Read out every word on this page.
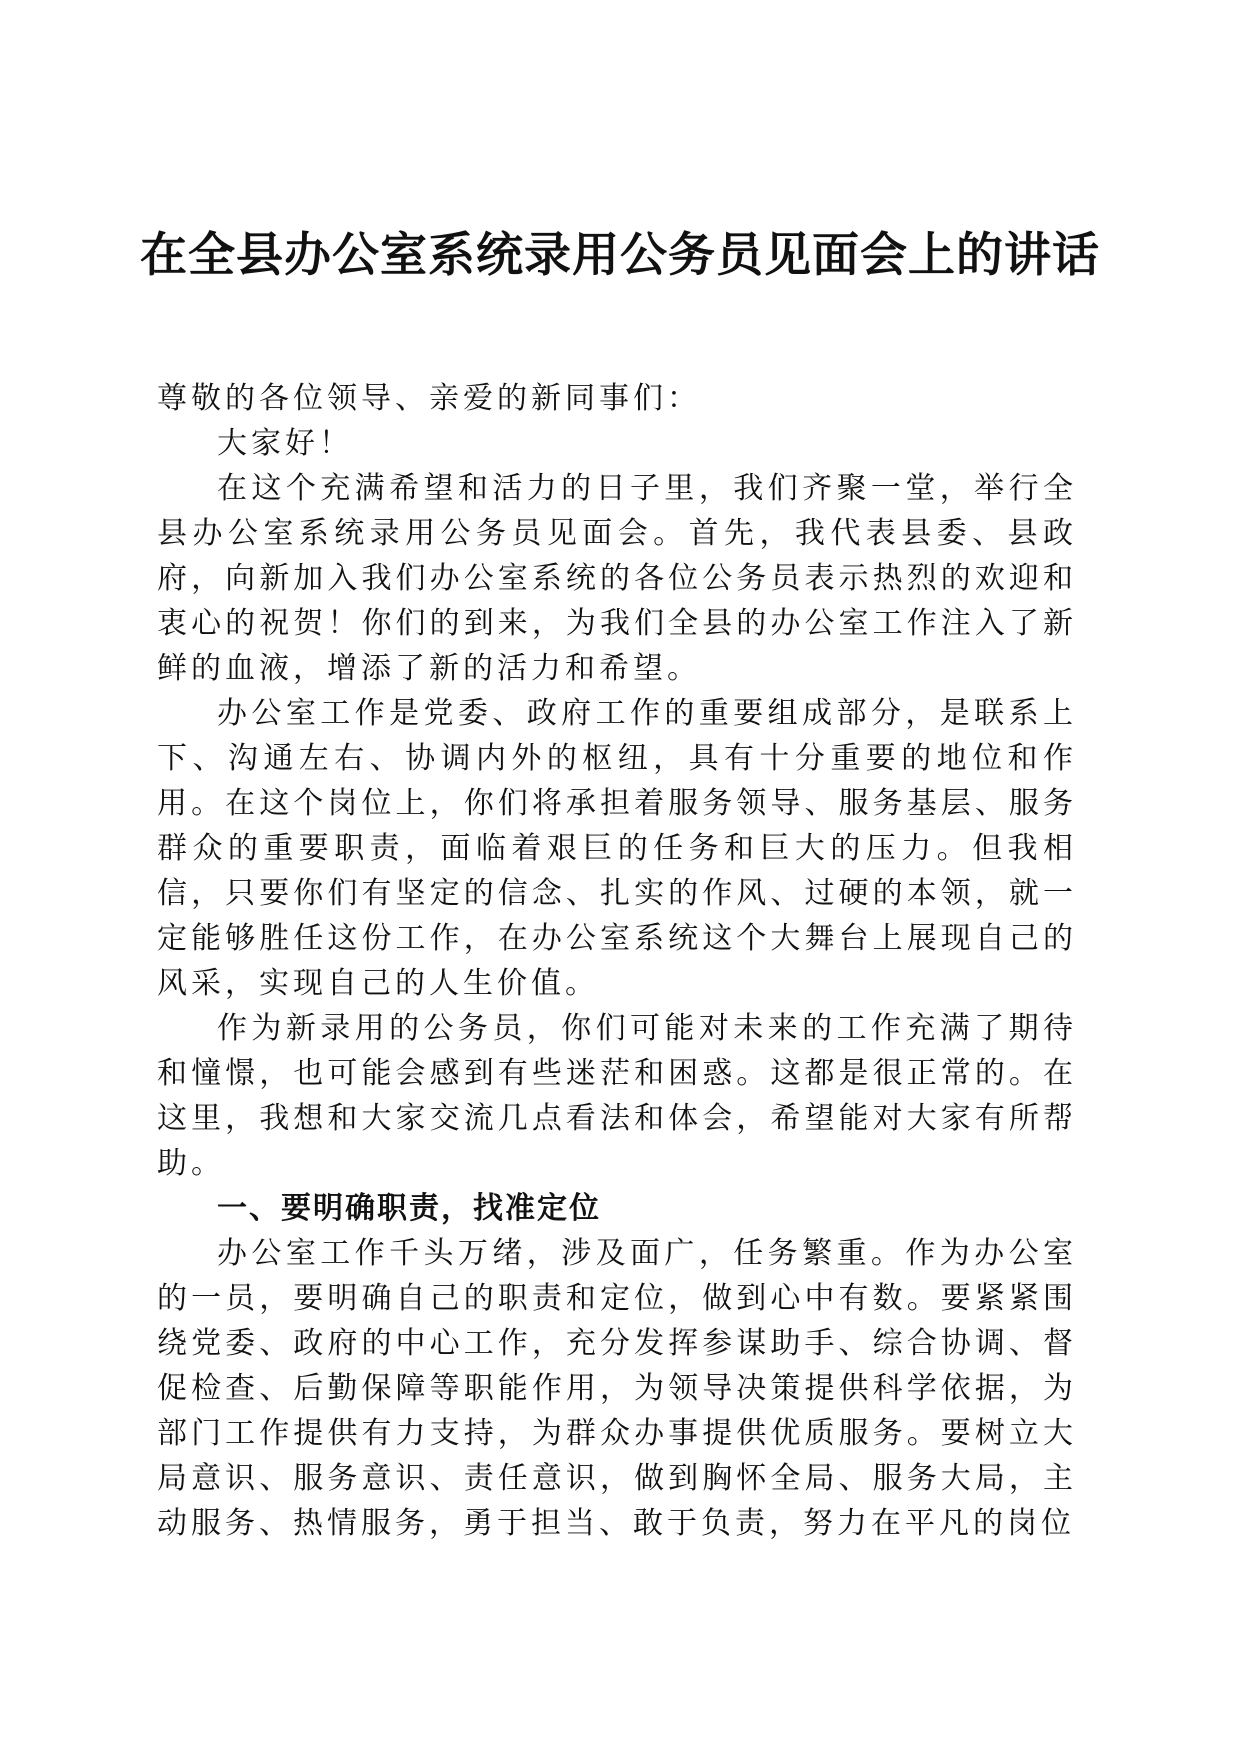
在全县办公室系统录用公务员见面会上的讲话

尊敬的各位领导、亲爱的新同事们：

大家好！

在这个充满希望和活力的日子里，我们齐聚一堂，举行全县办公室系统录用公务员见面会。首先，我代表县委、县政府，向新加入我们办公室系统的各位公务员表示热烈的欢迎和衷心的祝贺！你们的到来，为我们全县的办公室工作注入了新鲜的血液，增添了新的活力和希望。

办公室工作是党委、政府工作的重要组成部分，是联系上下、沟通左右、协调内外的枢纽，具有十分重要的地位和作用。在这个岗位上，你们将承担着服务领导、服务基层、服务群众的重要职责，面临着艰巨的任务和巨大的压力。但我相信，只要你们有坚定的信念、扎实的作风、过硬的本领，就一定能够胜任这份工作，在办公室系统这个大舞台上展现自己的风采，实现自己的人生价值。

作为新录用的公务员，你们可能对未来的工作充满了期待和憧憬，也可能会感到有些迷茫和困惑。这都是很正常的。在这里，我想和大家交流几点看法和体会，希望能对大家有所帮助。

一、要明确职责，找准定位

办公室工作千头万绪，涉及面广，任务繁重。作为办公室的一员，要明确自己的职责和定位，做到心中有数。要紧紧围绕党委、政府的中心工作，充分发挥参谋助手、综合协调、督促检查、后勤保障等职能作用，为领导决策提供科学依据，为部门工作提供有力支持，为群众办事提供优质服务。要树立大局意识、服务意识、责任意识，做到胸怀全局、服务大局，主动服务、热情服务，勇于担当、敢于负责，努力在平凡的岗位
